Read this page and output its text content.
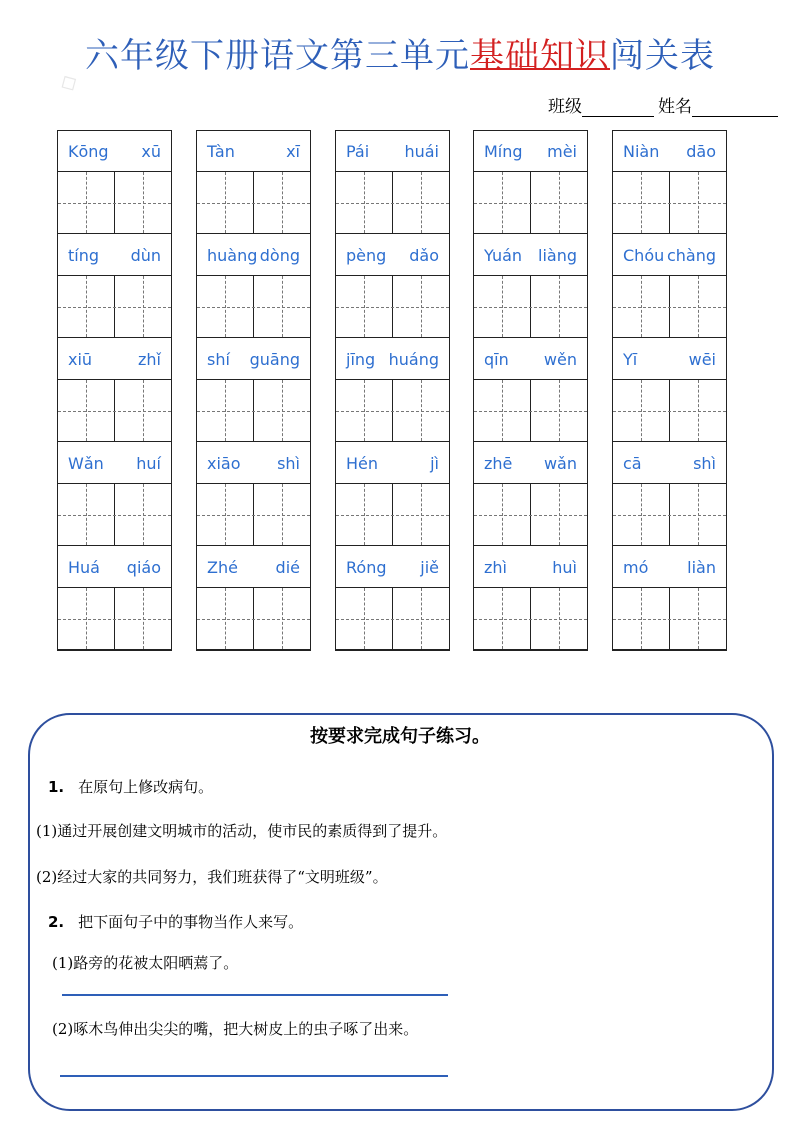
六年级下册语文第三单元基础知识闯关表
班级	姓名
Kōng xū
tíng dùn
xiū	zhǐ
Wǎn huí
Huá qiáo
Tàn	xī
huàng dòng
shí guāng
xiāo shì
Zhé dié
Pái huái
pèng dǎo
jīng huáng
Hén	jì
Róng jiě
Míng mèi
Yuán liàng
qīn wěn
zhē wǎn
zhì	huì
Niàn dāo
Chóu chàng
Yī	wēi
cā	shì
mó liàn
按要求完成句子练习。
1. 在原句上修改病句。
(1)通过开展创建文明城市的活动，使市民的素质得到了提升。
(2)经过大家的共同努力，我们班获得了“文明班级”。
2. 把下面句子中的事物当作人来写。
(1)路旁的花被太阳晒蔫了。
(2)啄木鸟伸出尖尖的嘴，把大树皮上的虫子啄了出来。
◇
